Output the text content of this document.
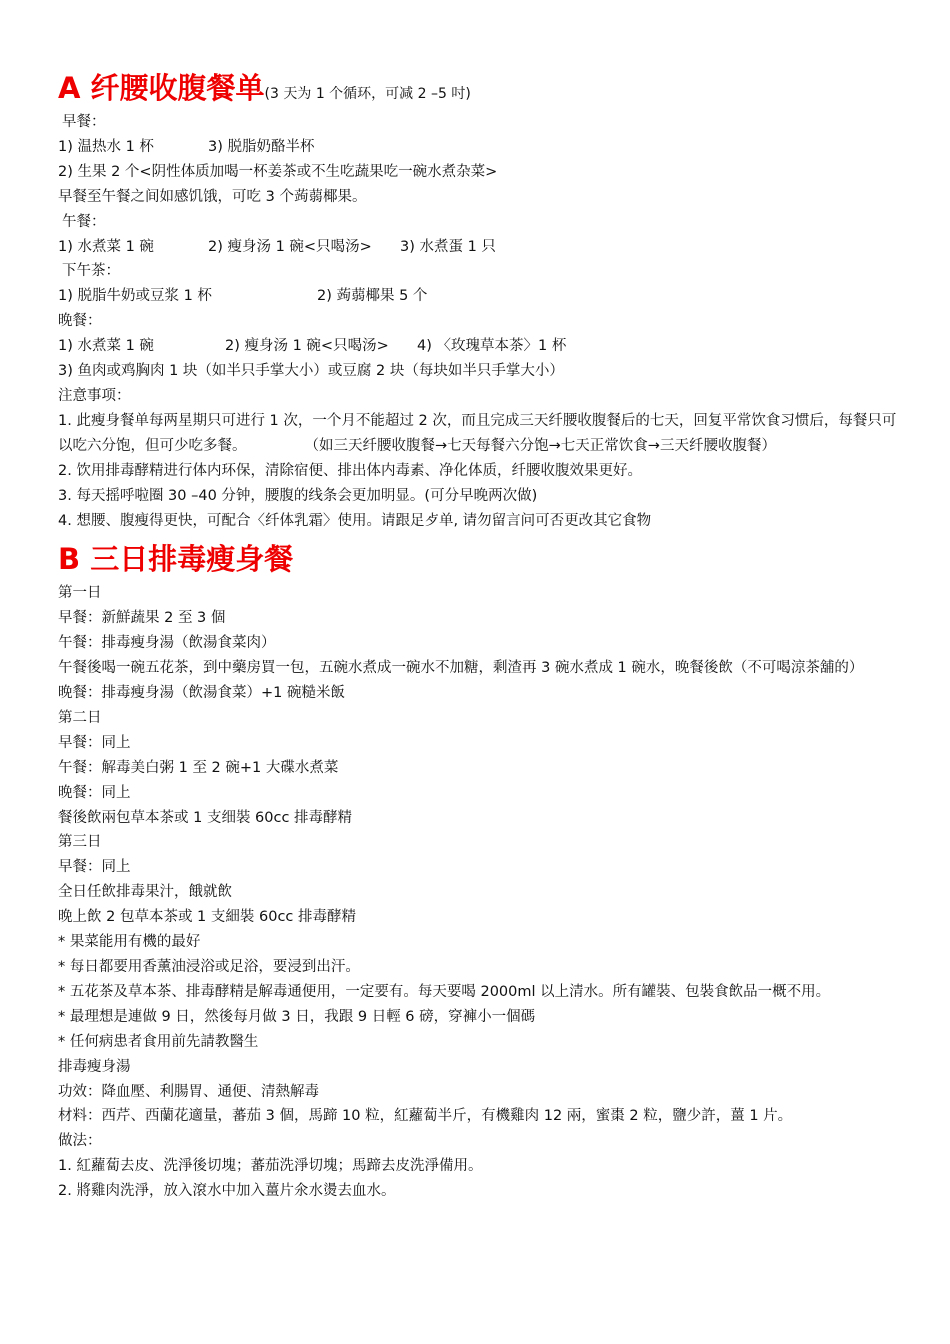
A 纤腰收腹餐单(3 天为 1 个循环，可减 2 –5 吋)
早餐：
1) 温热水 1 杯	3) 脱脂奶酪半杯
2) 生果 2 个<阴性体质加喝一杯姜茶或不生吃蔬果吃一碗水煮杂菜>
早餐至午餐之间如感饥饿，可吃 3 个蒟蒻椰果。
午餐：
1) 水煮菜 1 碗	2) 瘦身汤 1 碗<只喝汤> 3) 水煮蛋 1 只
下午茶：
1) 脱脂牛奶或豆浆 1 杯	2) 蒟蒻椰果 5 个
晚餐：
1) 水煮菜 1 碗	2) 瘦身汤 1 碗<只喝汤> 4) 〈玫瑰草本茶〉1 杯
3) 鱼肉或鸡胸肉 1 块（如半只手掌大小）或豆腐 2 块（每块如半只手掌大小）
注意事项：
1. 此瘦身餐单每两星期只可进行 1 次，一个月不能超过 2 次，而且完成三天纤腰收腹餐后的七天，回复平常饮食习惯后，每餐只可以吃六分饱，但可少吃多餐。　　　　　（如三天纤腰收腹餐→七天每餐六分饱→七天正常饮食→三天纤腰收腹餐）
2. 饮用排毒酵精进行体内环保，清除宿便、排出体内毒素、净化体质，纤腰收腹效果更好。
3. 每天摇呼啦圈 30 –40 分钟，腰腹的线条会更加明显。(可分早晚两次做)
4. 想腰、腹瘦得更快，可配合〈纤体乳霜〉使用。请跟足歺单, 请勿留言问可否更改其它食物
B 三日排毒瘦身餐
第一日
早餐：新鮮蔬果 2 至 3 個
午餐：排毒瘦身湯（飲湯食菜肉）
午餐後喝一碗五花茶，到中藥房買一包，五碗水煮成一碗水不加糖，剩渣再 3 碗水煮成 1 碗水，晚餐後飲（不可喝涼茶舖的）
晚餐：排毒瘦身湯（飲湯食菜）+1 碗糙米飯
第二日
早餐：同上
午餐：解毒美白粥 1 至 2 碗+1 大碟水煮菜
晚餐：同上
餐後飲兩包草本茶或 1 支细裝 60cc 排毒酵精
第三日
早餐：同上
全日任飲排毒果汁，餓就飲
晚上飲 2 包草本茶或 1 支細裝 60cc 排毒酵精
* 果菜能用有機的最好
* 每日都要用香薰油浸浴或足浴，要浸到出汗。
* 五花茶及草本茶、排毒酵精是解毒通便用，一定要有。每天要喝 2000ml 以上清水。所有罐裝、包裝食飲品一概不用。
* 最理想是連做 9 日，然後每月做 3 日，我跟 9 日輕 6 磅，穿褲小一個碼
* 任何病患者食用前先請教醫生
排毒瘦身湯
功效：降血壓、利腸胃、通便、清熱解毒
材料：西芹、西蘭花適量，蕃茄 3 個，馬蹄 10 粒，紅蘿蔔半斤，有機雞肉 12 兩，蜜棗 2 粒，鹽少許，薑 1 片。
做法：
1. 紅蘿蔔去皮、洗淨後切塊；蕃茄洗淨切塊；馬蹄去皮洗淨備用。
2. 將雞肉洗淨，放入滾水中加入薑片氽水燙去血水。
